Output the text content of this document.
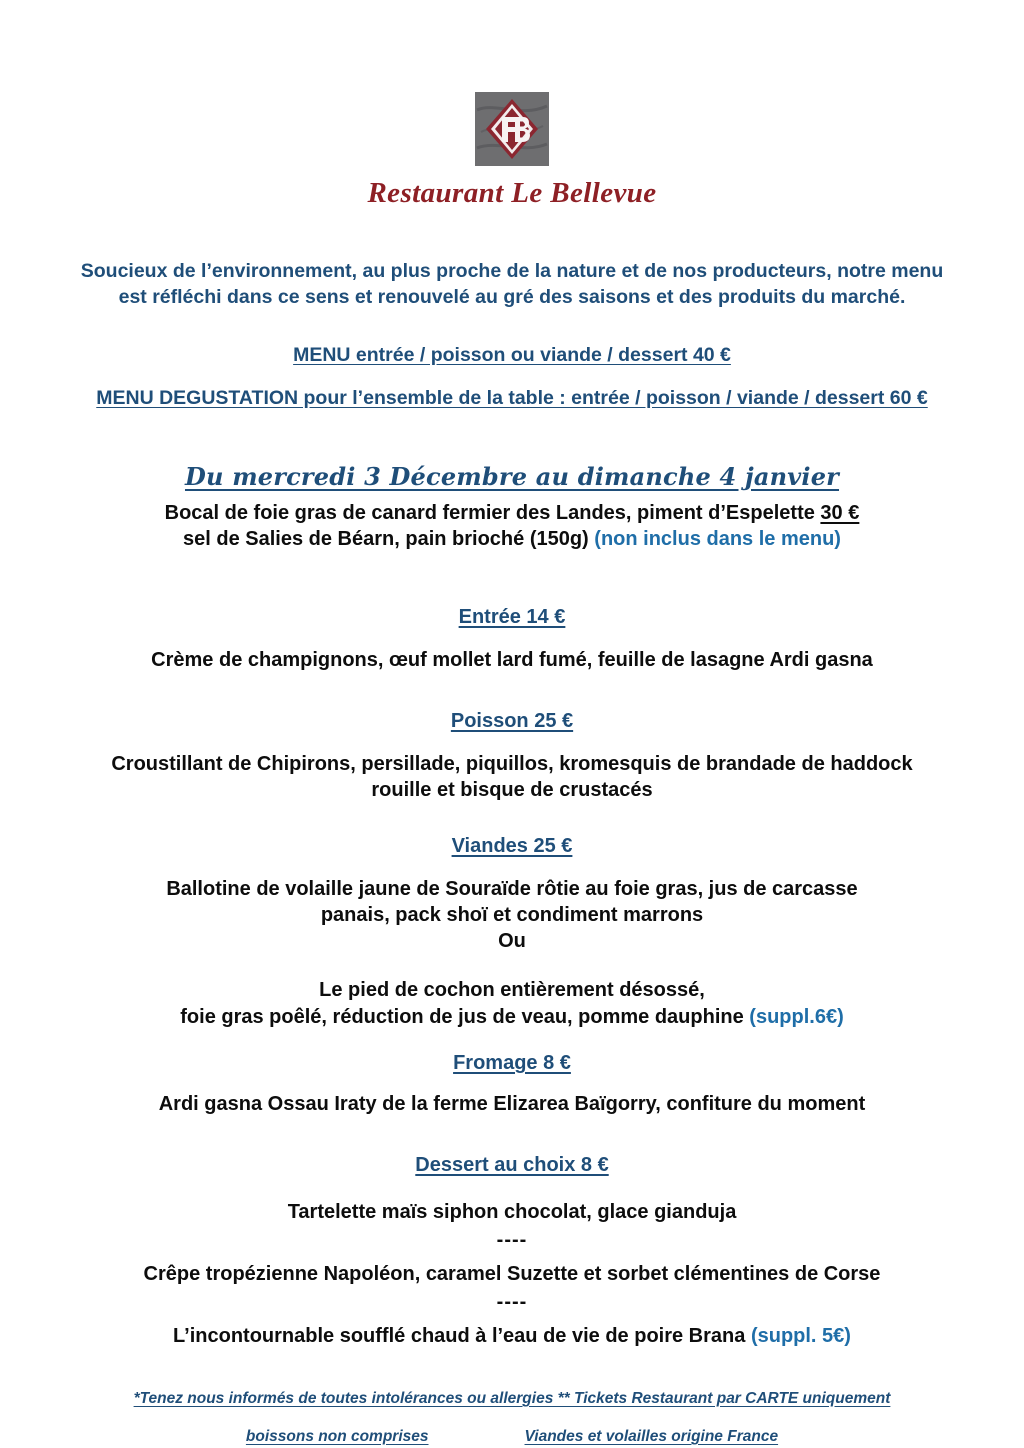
Restaurant Le Bellevue
Soucieux de l’environnement, au plus proche de la nature et de nos producteurs, notre menu
est réfléchi dans ce sens et renouvelé au gré des saisons et des produits du marché.
MENU entrée / poisson ou viande / dessert 40 €
MENU DEGUSTATION pour l’ensemble de la table : entrée / poisson / viande / dessert 60 €
Du mercredi 3 Décembre au dimanche 4 janvier
Bocal de foie gras de canard fermier des Landes, piment d’Espelette 30 €
sel de Salies de Béarn, pain brioché (150g) (non inclus dans le menu)
Entrée 14 €
Crème de champignons, œuf mollet lard fumé, feuille de lasagne Ardi gasna
Poisson 25 €
Croustillant de Chipirons, persillade, piquillos, kromesquis de brandade de haddock
rouille et bisque de crustacés
Viandes 25 €
Ballotine de volaille jaune de Souraïde rôtie au foie gras, jus de carcasse
panais, pack shoï et condiment marrons
Ou
Le pied de cochon entièrement désossé,
foie gras poêlé, réduction de jus de veau, pomme dauphine (suppl.6€)
Fromage 8 €
Ardi gasna Ossau Iraty de la ferme Elizarea Baïgorry, confiture du moment
Dessert au choix 8 €
Tartelette maïs siphon chocolat, glace gianduja
----
Crêpe tropézienne Napoléon, caramel Suzette et sorbet clémentines de Corse
----
L’incontournable soufflé chaud à l’eau de vie de poire Brana (suppl. 5€)
*Tenez nous informés de toutes intolérances ou allergies ** Tickets Restaurant par CARTE uniquement
boissons non comprises	Viandes et volailles origine France
